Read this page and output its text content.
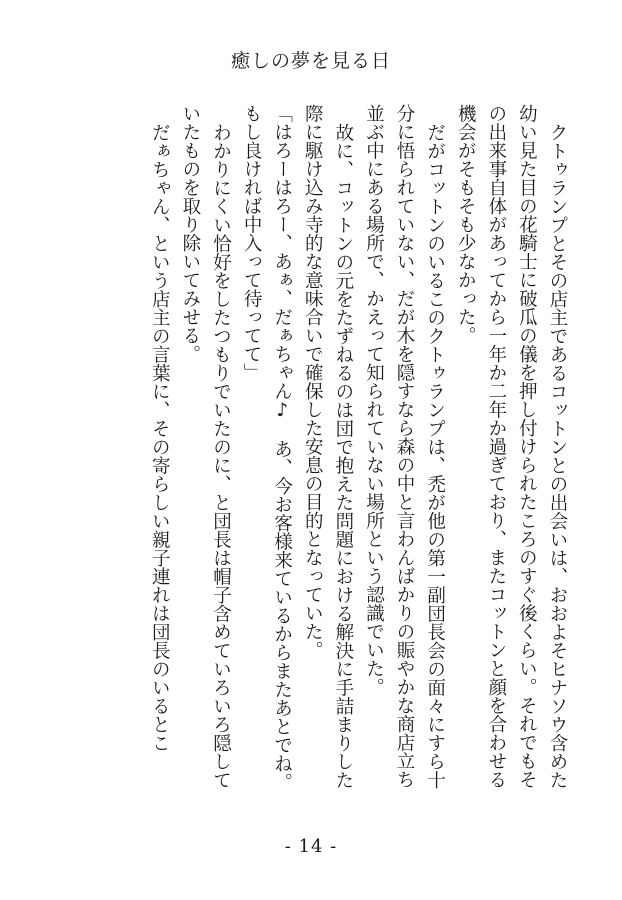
癒しの夢を見る日

クトゥランプとその店主であるコットンとの出会いは、おおよそヒナソウ含めた幼い見た目の花騎士に破瓜の儀を押し付けられたころのすぐ後くらい。それでもその出来事自体があってから一年か二年か過ぎており、またコットンと顔を合わせる機会がそもそも少なかった。

だがコットンのいるこのクトゥランプは、禿が他の第一副団長会の面々にすら十分に悟られていない、だが木を隠すなら森の中と言わんばかりの賑やかな商店立ち並ぶ中にある場所で、かえって知られていない場所という認識でいた。

故に、コットンの元をたずねるのは団で抱えた問題における解決に手詰まりした際に駆け込み寺的な意味合いで確保した安息の目的となっていた。

「はろーはろー、あぁ、だぁちゃん♪　あ、今お客様来ているからまたあとでね。もし良ければ中入って待ってて」

わかりにくい恰好をしたつもりでいたのに、と団長は帽子含めていろいろ隠していたものを取り除いてみせる。

だぁちゃん、という店主の言葉に、その寄らしい親子連れは団長のいるとこ

- 14 -
